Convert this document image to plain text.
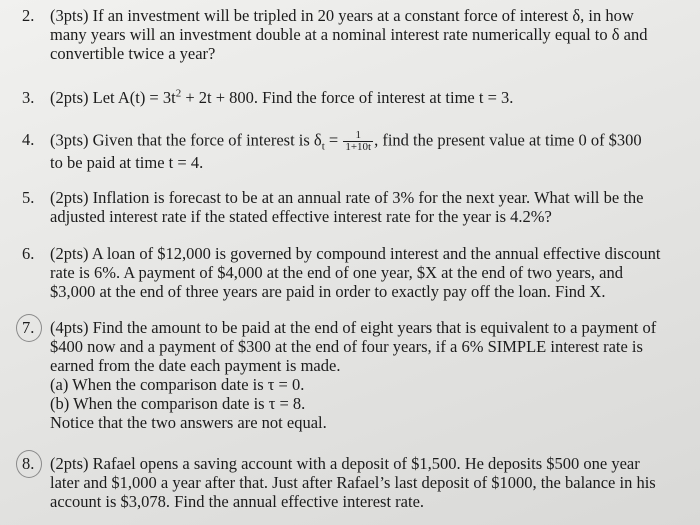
2. (3pts) If an investment will be tripled in 20 years at a constant force of interest δ, in how
many years will an investment double at a nominal interest rate numerically equal to δ and
convertible twice a year?
3. (2pts) Let $A(t) = 3t^2 + 2t + 800$. Find the force of interest at time t = 3.
4. (3pts) Given that the force of interest is $\delta_t = \frac{1}{1+10t}$ , find the present value at time 0 of $300
to be paid at time t = 4.
5. (2pts) Inflation is forecast to be at an annual rate of 3% for the next year. What will be the
adjusted interest rate if the stated effective interest rate for the year is 4.2%?
6. (2pts) A loan of $12,000 is governed by compound interest and the annual effective discount
rate is 6%. A payment of $4,000 at the end of one year, $X at the end of two years, and
$3,000 at the end of three years are paid in order to exactly pay off the loan. Find X.
7. (4pts) Find the amount to be paid at the end of eight years that is equivalent to a payment of
$400 now and a payment of $300 at the end of four years, if a 6% SIMPLE interest rate is
earned from the date each payment is made.
(a) When the comparison date is τ = 0.
(b) When the comparison date is τ = 8.
Notice that the two answers are not equal.
8. (2pts) Rafael opens a saving account with a deposit of $1,500. He deposits $500 one year
later and $1,000 a year after that. Just after Rafael’s last deposit of $1000, the balance in his
account is $3,078. Find the annual effective interest rate.
